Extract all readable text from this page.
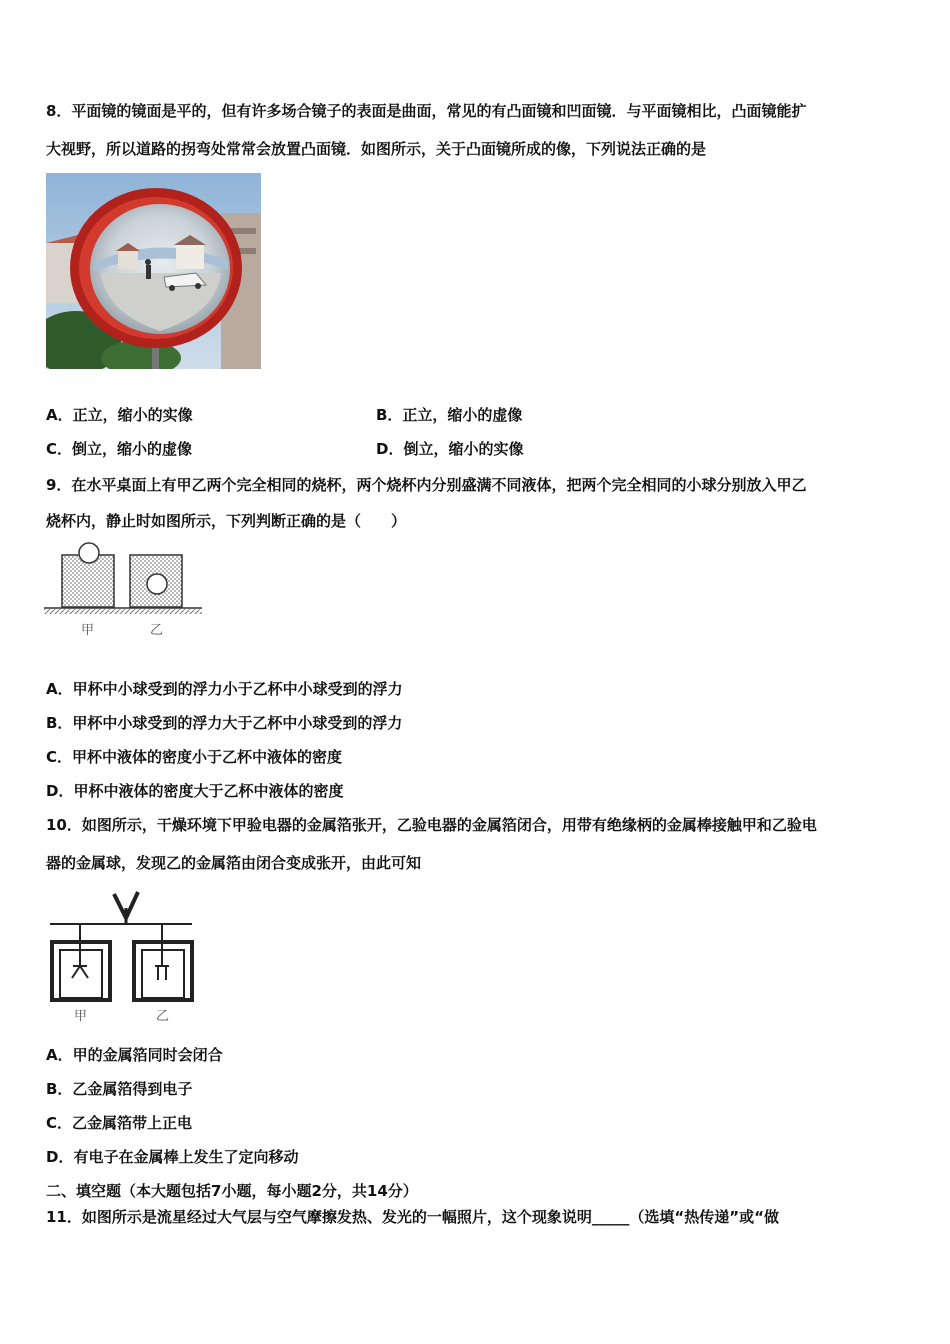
8．平面镜的镜面是平的，但有许多场合镜子的表面是曲面，常见的有凸面镜和凹面镜．与平面镜相比，凸面镜能扩
大视野，所以道路的拐弯处常常会放置凸面镜．如图所示，关于凸面镜所成的像，下列说法正确的是
A．正立，缩小的实像	B．正立，缩小的虚像
C．倒立，缩小的虚像	D．倒立，缩小的实像
9．在水平桌面上有甲乙两个完全相同的烧杯，两个烧杯内分别盛满不同液体，把两个完全相同的小球分别放入甲乙
烧杯内，静止时如图所示，下列判断正确的是（　　）
甲	乙
A．甲杯中小球受到的浮力小于乙杯中小球受到的浮力
B．甲杯中小球受到的浮力大于乙杯中小球受到的浮力
C．甲杯中液体的密度小于乙杯中液体的密度
D．甲杯中液体的密度大于乙杯中液体的密度
10．如图所示，干燥环境下甲验电器的金属箔张开，乙验电器的金属箔闭合，用带有绝缘柄的金属棒接触甲和乙验电
器的金属球，发现乙的金属箔由闭合变成张开，由此可知
甲	乙
A．甲的金属箔同时会闭合
B．乙金属箔得到电子
C．乙金属箔带上正电
D．有电子在金属棒上发生了定向移动
二、填空题（本大题包括7小题，每小题2分，共14分）
11．如图所示是流星经过大气层与空气摩擦发热、发光的一幅照片，这个现象说明_____（选填“热传递”或“做
